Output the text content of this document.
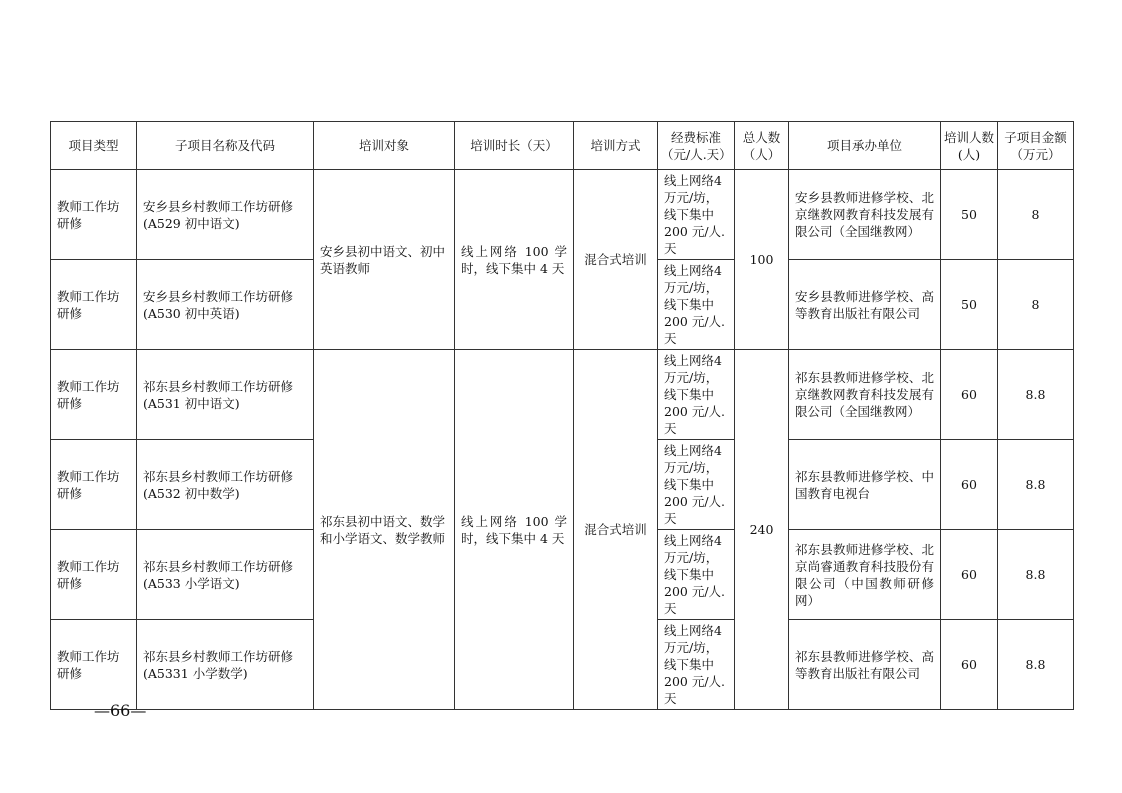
项目类型	子项目名称及代码	培训对象	培训时长（天）	培训方式	经费标准（元/人.天）	总人数（人）	项目承办单位	培训人数(人)	子项目金额（万元）
教师工作坊研修	安乡县乡村教师工作坊研修(A529 初中语文)	安乡县初中语文、初中英语教师	线上网络 100 学时，线下集中 4 天	混合式培训	线上网络4万元/坊，线下集中 200 元/人.天	100	安乡县教师进修学校、北京继教网教育科技发展有限公司（全国继教网）	50	8
教师工作坊研修	安乡县乡村教师工作坊研修(A530 初中英语)				线上网络4万元/坊，线下集中 200 元/人.天		安乡县教师进修学校、高等教育出版社有限公司	50	8
教师工作坊研修	祁东县乡村教师工作坊研修(A531 初中语文)	祁东县初中语文、数学和小学语文、数学教师	线上网络 100 学时，线下集中 4 天	混合式培训	线上网络4万元/坊，线下集中 200 元/人.天	240	祁东县教师进修学校、北京继教网教育科技发展有限公司（全国继教网）	60	8.8
教师工作坊研修	祁东县乡村教师工作坊研修(A532 初中数学)				线上网络4万元/坊，线下集中 200 元/人.天		祁东县教师进修学校、中国教育电视台	60	8.8
教师工作坊研修	祁东县乡村教师工作坊研修(A533 小学语文)				线上网络4万元/坊，线下集中 200 元/人.天		祁东县教师进修学校、北京尚睿通教育科技股份有限公司（中国教师研修网）	60	8.8
教师工作坊研修	祁东县乡村教师工作坊研修(A5331 小学数学)				线上网络4万元/坊，线下集中 200 元/人.天		祁东县教师进修学校、高等教育出版社有限公司	60	8.8
—66—
